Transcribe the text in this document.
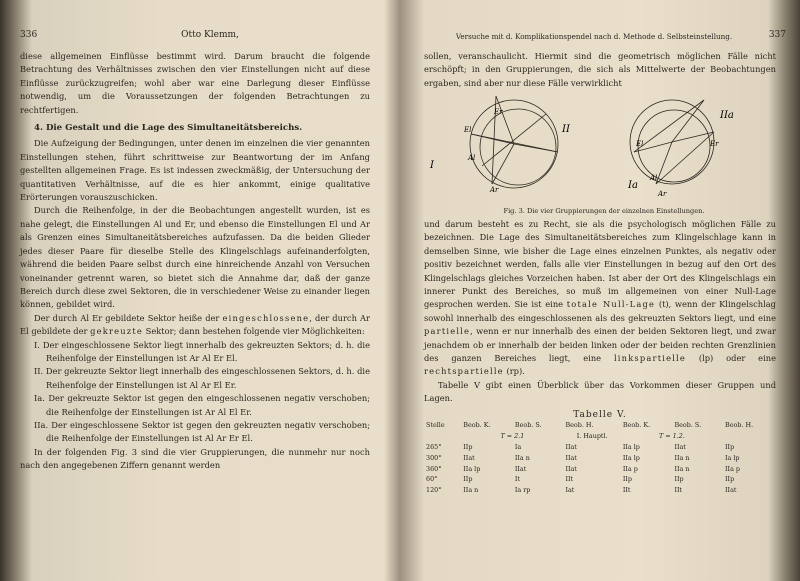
336	Otto Klemm,

diese allgemeinen Einflüsse bestimmt wird. Darum braucht die folgende Betrachtung des Verhältnisses zwischen den vier Einstellungen nicht auf diese Einflüsse zurückzugreifen; wohl aber war eine Darlegung dieser Einflüsse notwendig, um die Voraussetzungen der folgenden Betrachtungen zu rechtfertigen.

4. Die Gestalt und die Lage des Simultaneitätsbereichs.

Die Aufzeigung der Bedingungen, unter denen im einzelnen die vier genannten Einstellungen stehen, führt schrittweise zur Beantwortung der im Anfang gestellten allgemeinen Frage. Es ist indessen zweckmäßig, der Untersuchung der quantitativen Verhältnisse, auf die es hier ankommt, einige qualitative Erörterungen vorauszuschicken.

Durch die Reihenfolge, in der die Beobachtungen angestellt wurden, ist es nahe gelegt, die Einstellungen Al und Er, und ebenso die Einstellungen El und Ar als Grenzen eines Simultaneitätsbereiches aufzufassen. Da die beiden Glieder jedes dieser Paare für dieselbe Stelle des Klingelschlags aufeinanderfolgten, während die beiden Paare selbst durch eine hinreichende Anzahl von Versuchen voneinander getrennt waren, so bietet sich die Annahme dar, daß der ganze Bereich durch diese zwei Sektoren, die in verschiedener Weise zu einander liegen können, gebildet wird.

Der durch Al Er gebildete Sektor heiße der eingeschlossene, der durch Ar El gebildete der gekreuzte Sektor; dann bestehen folgende vier Möglichkeiten:

I. Der eingeschlossene Sektor liegt innerhalb des gekreuzten Sektors; d. h. die Reihenfolge der Einstellungen ist Ar Al Er El.

II. Der gekreuzte Sektor liegt innerhalb des eingeschlossenen Sektors, d. h. die Reihenfolge der Einstellungen ist Al Ar El Er.

Ia. Der gekreuzte Sektor ist gegen den eingeschlossenen negativ verschoben; die Reihenfolge der Einstellungen ist Ar Al El Er.

IIa. Der eingeschlossene Sektor ist gegen den gekreuzten negativ verschoben; die Reihenfolge der Einstellungen ist Al Ar Er El.

In der folgenden Fig. 3 sind die vier Gruppierungen, die nunmehr nur noch nach den angegebenen Ziffern genannt werden

Versuche mit d. Komplikationspendel nach d. Methode d. Selbsteinstellung.	337

sollen, veranschaulicht. Hiermit sind die geometrisch möglichen Fälle nicht erschöpft; in den Gruppierungen, die sich als Mittelwerte der Beobachtungen ergaben, sind aber nur diese Fälle verwirklicht

I
II
El
Er
Ar
Al
IIa
Ia
Er
El
Ar
Al
Fig. 3. Die vier Gruppierungen der einzelnen Einstellungen.

und darum besteht es zu Recht, sie als die psychologisch möglichen Fälle zu bezeichnen. Die Lage des Simultaneitätsbereiches zum Klingelschlage kann in demselben Sinne, wie bisher die Lage eines einzelnen Punktes, als negativ oder positiv bezeichnet werden, falls alle vier Einstellungen in bezug auf den Ort des Klingelschlags gleiches Vorzeichen haben. Ist aber der Ort des Klingelschlags ein innerer Punkt des Bereiches, so muß im allgemeinen von einer Null-Lage gesprochen werden. Sie ist eine totale Null-Lage (t), wenn der Klingelschlag sowohl innerhalb des eingeschlossenen als des gekreuzten Sektors liegt, und eine partielle, wenn er nur innerhalb des einen der beiden Sektoren liegt, und zwar jenachdem ob er innerhalb der beiden linken oder der beiden rechten Grenzlinien des ganzen Bereiches liegt, eine linkspartielle (lp) oder eine rechtspartielle (rp).

Tabelle V gibt einen Überblick über das Vorkommen dieser Gruppen und Lagen.

Tabelle V.
Stelle	Beob. K.	Beob. S.	Beob. H.	Beob. K.	Beob. S.	Beob. H.
	T = 2.1		I. Hauptl.	T = 1.2.		
265°	IIp	Ia	IIat	IIa lp	IIat	IIp
300°	IIat	IIa n	IIat	IIa lp	IIa n	Ia lp
360°	IIa lp	IIat	IIat	IIa p	IIa n	IIa p
60°	IIp	It	IIt	IIp	IIp	IIp
120°	IIa n	Ia rp	Iat	IIt	IIt	IIat
